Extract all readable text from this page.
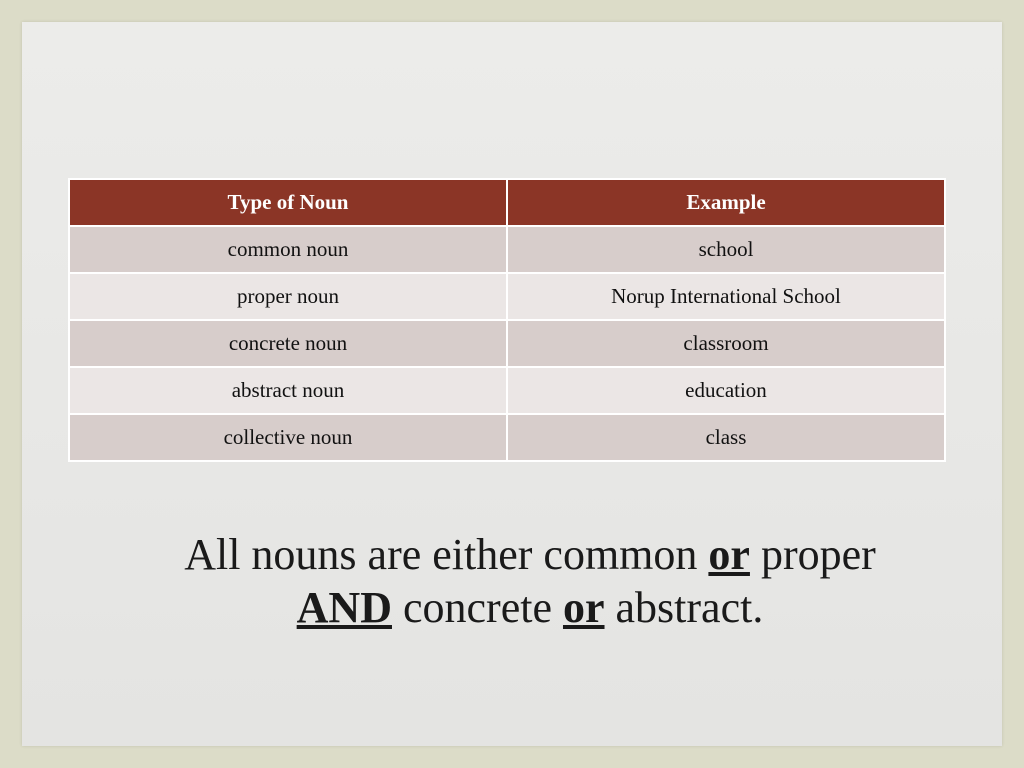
Type of Noun	Example
common noun	school
proper noun	Norup International School
concrete noun	classroom
abstract noun	education
collective noun	class
All nouns are either common or proper
AND concrete or abstract.
